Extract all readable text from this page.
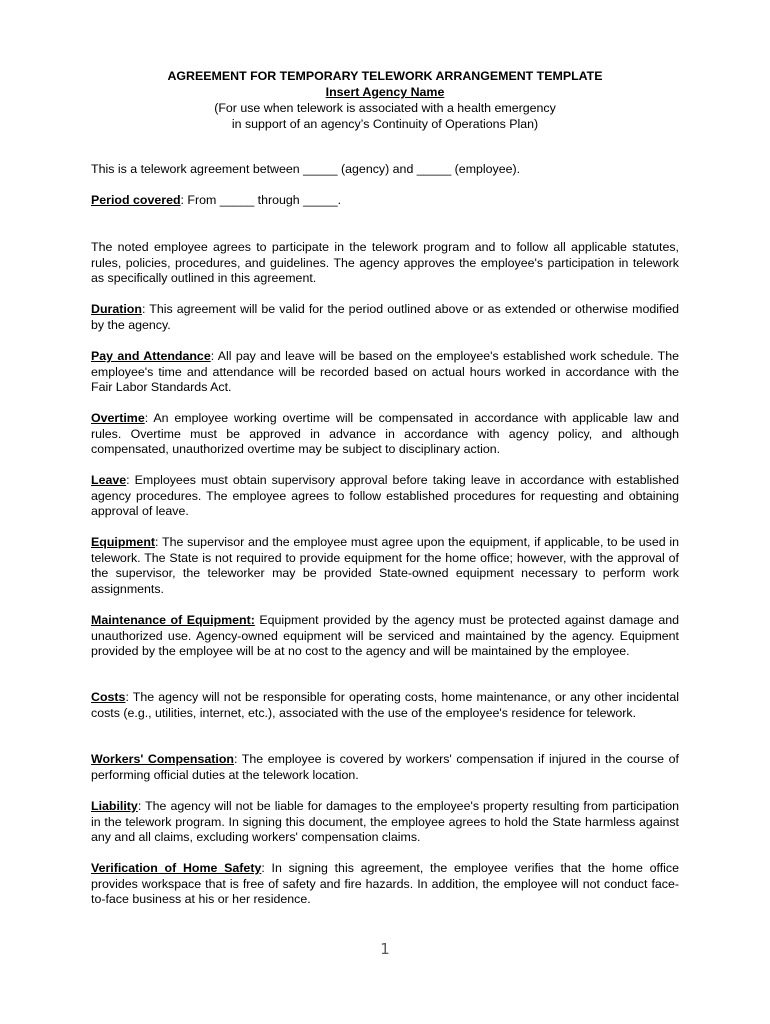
AGREEMENT FOR TEMPORARY TELEWORK ARRANGEMENT TEMPLATE
Insert Agency Name
(For use when telework is associated with a health emergency
in support of an agency’s Continuity of Operations Plan)

This is a telework agreement between _____ (agency) and _____ (employee).

Period covered: From _____ through _____.

The noted employee agrees to participate in the telework program and to follow all applicable statutes, rules, policies, procedures, and guidelines. The agency approves the employee's participation in telework as specifically outlined in this agreement.

Duration: This agreement will be valid for the period outlined above or as extended or otherwise modified by the agency.

Pay and Attendance: All pay and leave will be based on the employee's established work schedule. The employee's time and attendance will be recorded based on actual hours worked in accordance with the Fair Labor Standards Act.

Overtime: An employee working overtime will be compensated in accordance with applicable law and rules. Overtime must be approved in advance in accordance with agency policy, and although compensated, unauthorized overtime may be subject to disciplinary action.

Leave: Employees must obtain supervisory approval before taking leave in accordance with established agency procedures. The employee agrees to follow established procedures for requesting and obtaining approval of leave.

Equipment: The supervisor and the employee must agree upon the equipment, if applicable, to be used in telework. The State is not required to provide equipment for the home office; however, with the approval of the supervisor, the teleworker may be provided State-owned equipment necessary to perform work assignments.

Maintenance of Equipment: Equipment provided by the agency must be protected against damage and unauthorized use. Agency-owned equipment will be serviced and maintained by the agency. Equipment provided by the employee will be at no cost to the agency and will be maintained by the employee.

Costs: The agency will not be responsible for operating costs, home maintenance, or any other incidental costs (e.g., utilities, internet, etc.), associated with the use of the employee's residence for telework.

Workers' Compensation: The employee is covered by workers' compensation if injured in the course of performing official duties at the telework location.

Liability: The agency will not be liable for damages to the employee's property resulting from participation in the telework program. In signing this document, the employee agrees to hold the State harmless against any and all claims, excluding workers' compensation claims.

Verification of Home Safety: In signing this agreement, the employee verifies that the home office provides workspace that is free of safety and fire hazards. In addition, the employee will not conduct face-to-face business at his or her residence.

1
